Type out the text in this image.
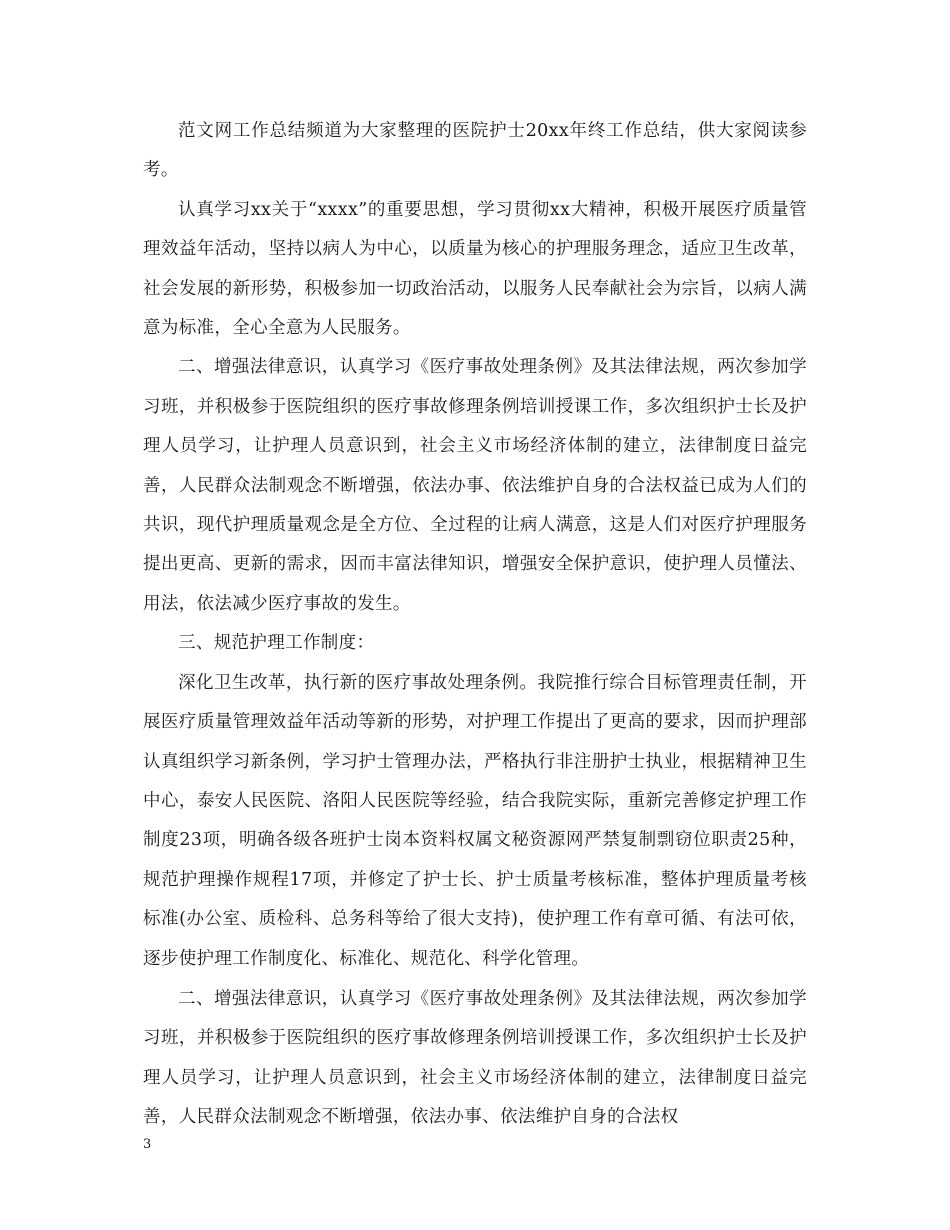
范文网工作总结频道为大家整理的医院护士20xx年终工作总结，供大家阅读参考。

认真学习xx关于“xxxx”的重要思想，学习贯彻xx大精神，积极开展医疗质量管理效益年活动，坚持以病人为中心，以质量为核心的护理服务理念，适应卫生改革，社会发展的新形势，积极参加一切政治活动，以服务人民奉献社会为宗旨，以病人满意为标准，全心全意为人民服务。

二、增强法律意识，认真学习《医疗事故处理条例》及其法律法规，两次参加学习班，并积极参于医院组织的医疗事故修理条例培训授课工作，多次组织护士长及护理人员学习，让护理人员意识到，社会主义市场经济体制的建立，法律制度日益完善，人民群众法制观念不断增强，依法办事、依法维护自身的合法权益已成为人们的共识，现代护理质量观念是全方位、全过程的让病人满意，这是人们对医疗护理服务提出更高、更新的需求，因而丰富法律知识，增强安全保护意识，使护理人员懂法、用法，依法减少医疗事故的发生。

三、规范护理工作制度：

深化卫生改革，执行新的医疗事故处理条例。我院推行综合目标管理责任制，开展医疗质量管理效益年活动等新的形势，对护理工作提出了更高的要求，因而护理部认真组织学习新条例，学习护士管理办法，严格执行非注册护士执业，根据精神卫生中心，泰安人民医院、洛阳人民医院等经验，结合我院实际，重新完善修定护理工作制度23项，明确各级各班护士岗本资料权属文秘资源网严禁复制剽窃位职责25种，规范护理操作规程17项，并修定了护士长、护士质量考核标准，整体护理质量考核标准(办公室、质检科、总务科等给了很大支持)，使护理工作有章可循、有法可依，逐步使护理工作制度化、标准化、规范化、科学化管理。

二、增强法律意识，认真学习《医疗事故处理条例》及其法律法规，两次参加学习班，并积极参于医院组织的医疗事故修理条例培训授课工作，多次组织护士长及护理人员学习，让护理人员意识到，社会主义市场经济体制的建立，法律制度日益完善，人民群众法制观念不断增强，依法办事、依法维护自身的合法权

3
